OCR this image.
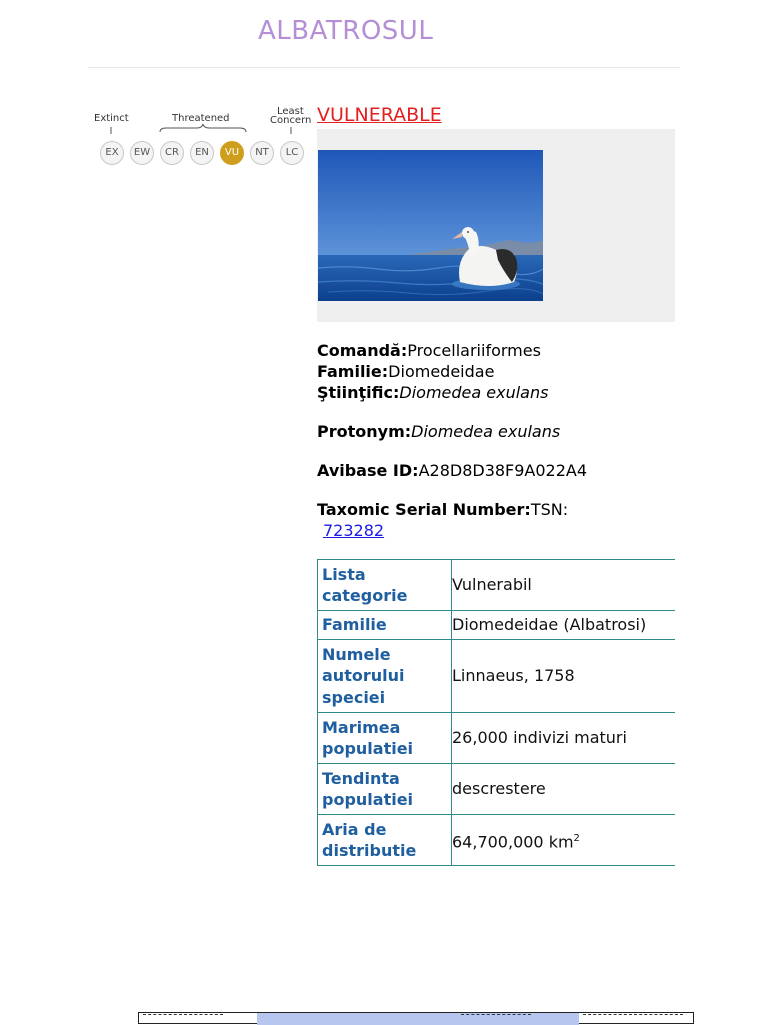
ALBATROSUL
Extinct	Threatened
Least
Concern
EX	EW	CR	EN	VU	NT	LC
VULNERABLE
Comandă:Procellariiformes
Familie:Diomedeidae
Ştiinţific:Diomedea exulans
Protonym:Diomedea exulans
Avibase ID:A28D8D38F9A022A4
Taxomic Serial Number:TSN:
723282
Lista categorie	Vulnerabil
Familie	Diomedeidae (Albatrosi)
Numele autorului speciei	Linnaeus, 1758
Marimea populatiei	26,000 indivizi maturi
Tendinta populatiei	descrestere
Aria de distributie	64,700,000 $km^2$
